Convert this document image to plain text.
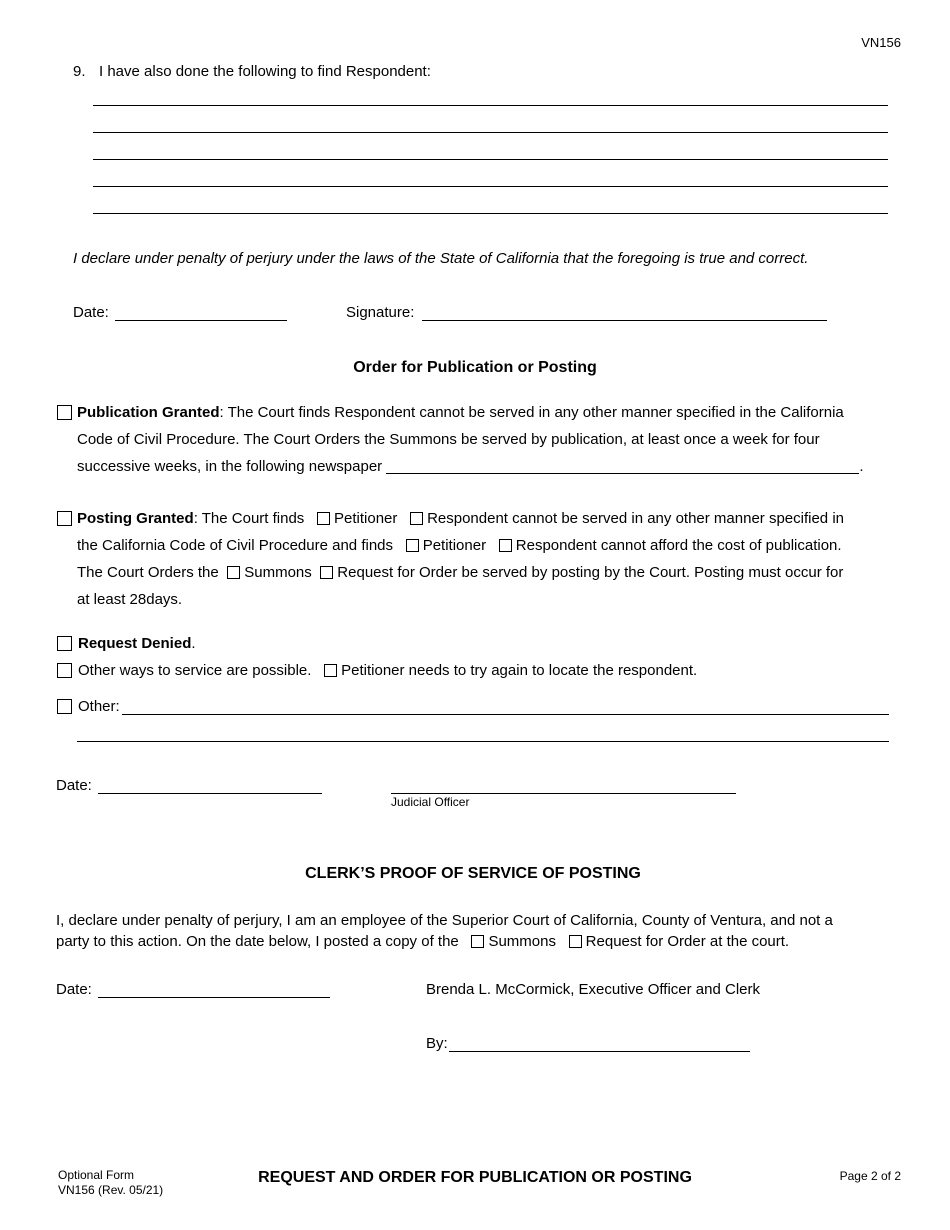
VN156
9. I have also done the following to find Respondent:
I declare under penalty of perjury under the laws of the State of California that the foregoing is true and correct.
Date:	Signature:
Order for Publication or Posting
Publication Granted: The Court finds Respondent cannot be served in any other manner specified in the California
Code of Civil Procedure. The Court Orders the Summons be served by publication, at least once a week for four
successive weeks, in the following newspaper	.
Posting Granted: The Court finds Petitioner Respondent cannot be served in any other manner specified in
the California Code of Civil Procedure and finds Petitioner Respondent cannot afford the cost of publication.
The Court Orders the Summons Request for Order be served by posting by the Court. Posting must occur for
at least 28days.
Request Denied.
Other ways to service are possible. Petitioner needs to try again to locate the respondent.
Other:
Date:
Judicial Officer
CLERK’S PROOF OF SERVICE OF POSTING
I, declare under penalty of perjury, I am an employee of the Superior Court of California, County of Ventura, and not a
party to this action. On the date below, I posted a copy of the Summons Request for Order at the court.
Date:	Brenda L. McCormick, Executive Officer and Clerk
By:
Optional Form
VN156 (Rev. 05/21)
REQUEST AND ORDER FOR PUBLICATION OR POSTING	Page 2 of 2
